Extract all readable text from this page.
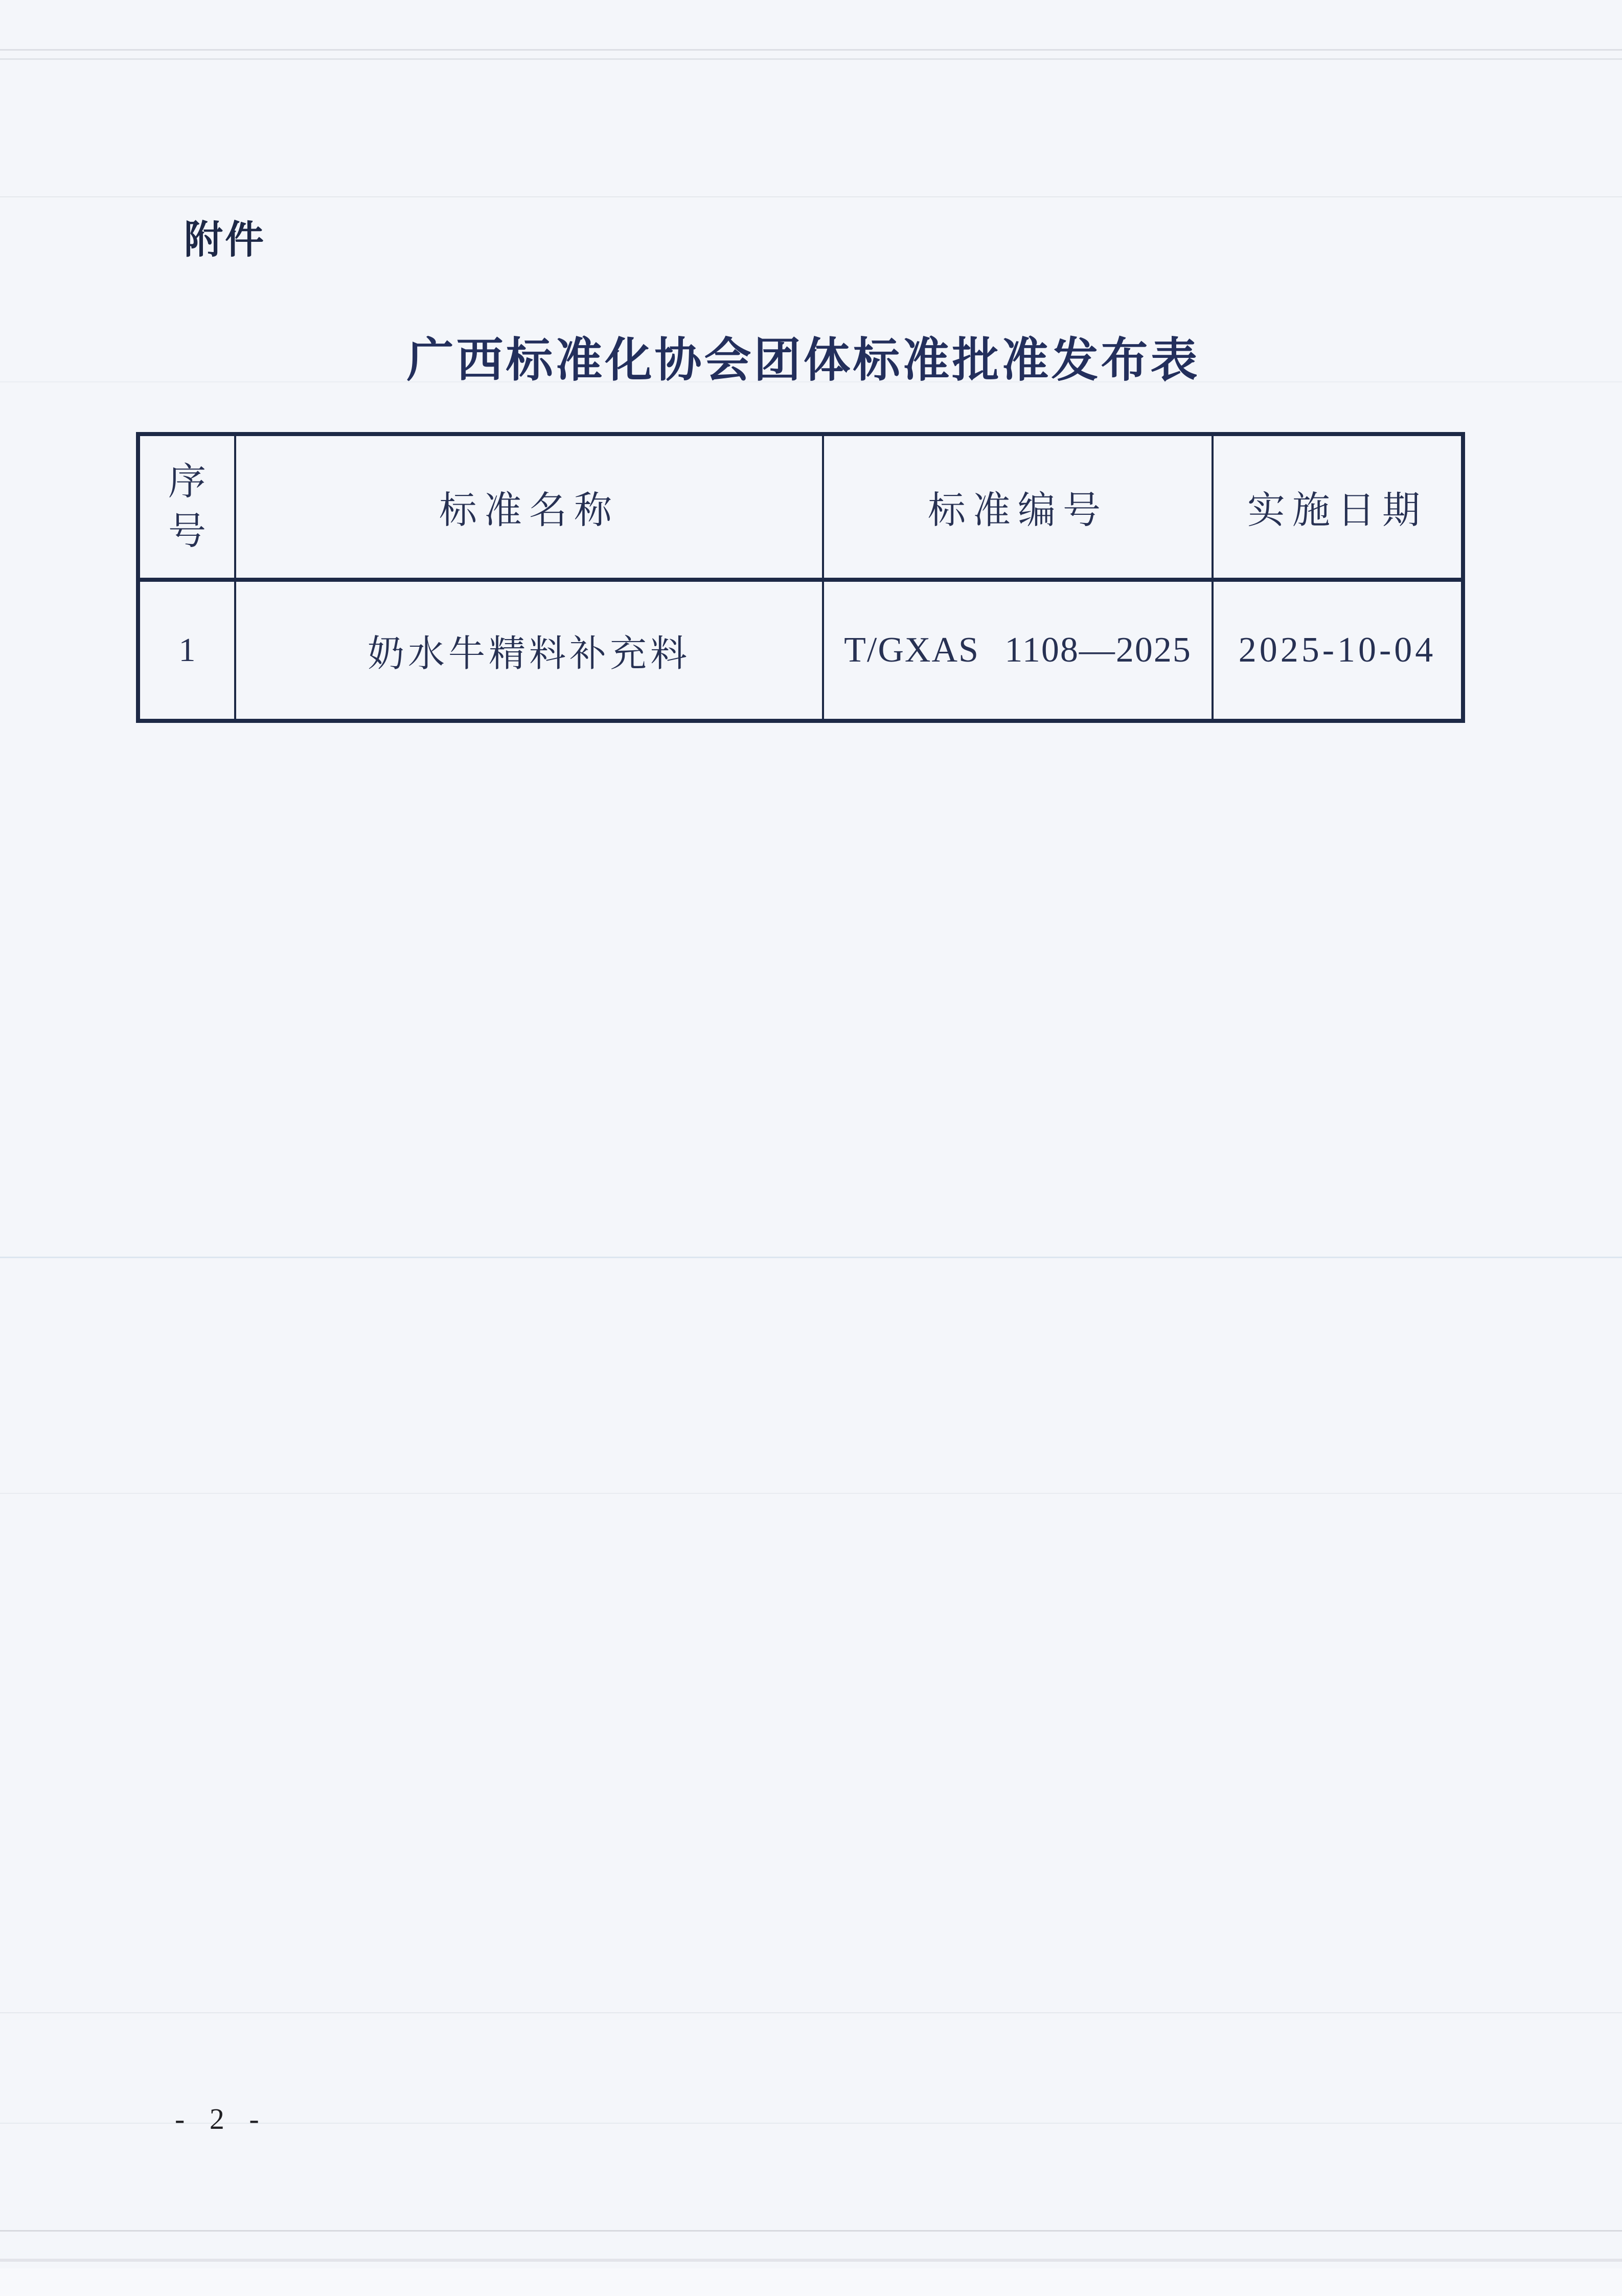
附件
广西标准化协会团体标准批准发布表
序号	标准名称	标准编号	实施日期
1	奶水牛精料补充料	T/GXAS 1108—2025	2025-10-04
- 2 -
